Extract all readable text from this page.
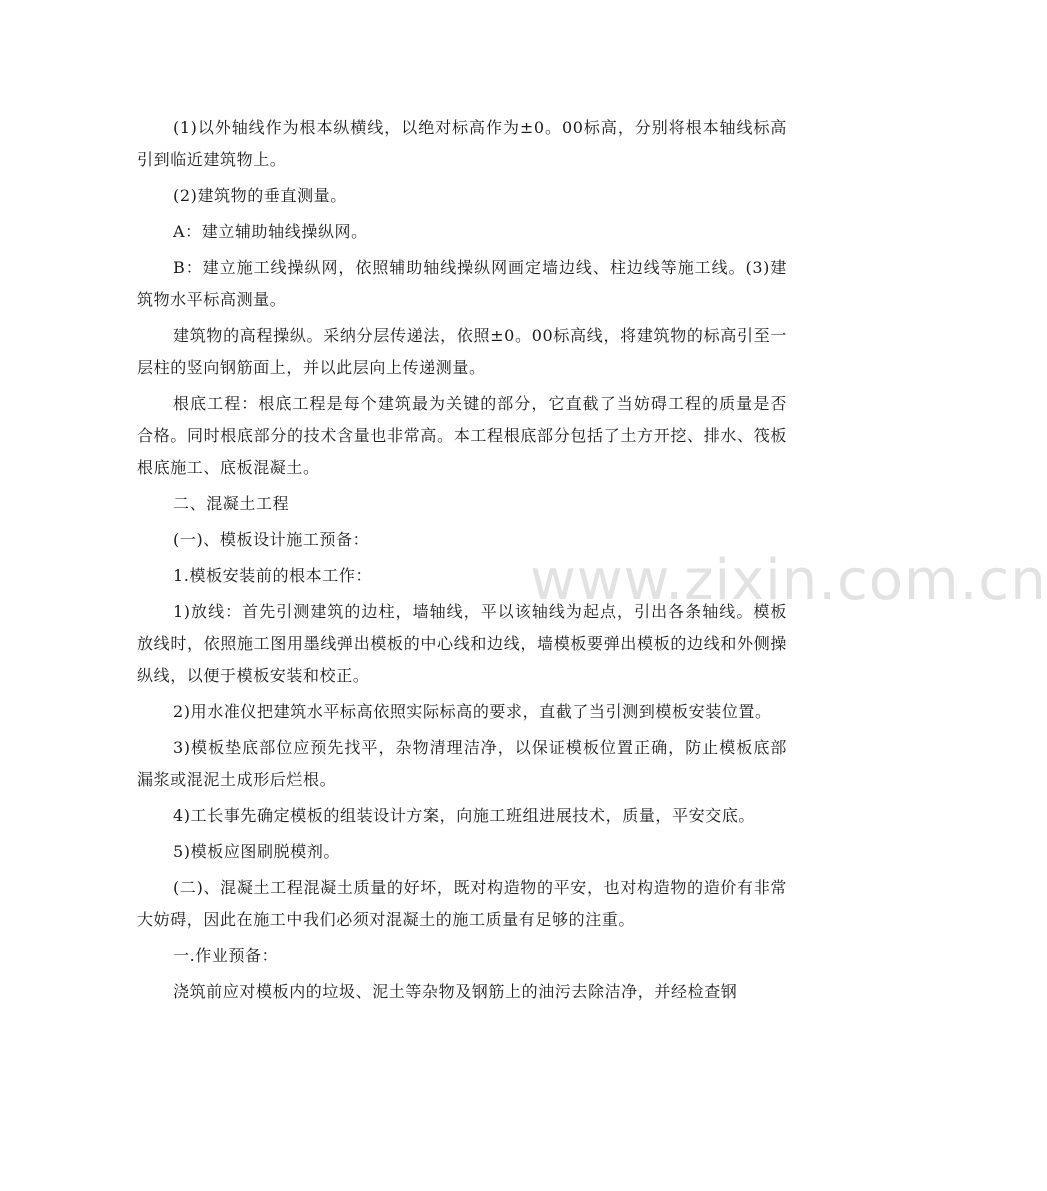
www.zixin.com.cn

(1)以外轴线作为根本纵横线，以绝对标高作为±0。00标高，分别将根本轴线标高引到临近建筑物上。

(2)建筑物的垂直测量。

A：建立辅助轴线操纵网。

B：建立施工线操纵网，依照辅助轴线操纵网画定墙边线、柱边线等施工线。(3)建筑物水平标高测量。

建筑物的高程操纵。采纳分层传递法，依照±0。00标高线，将建筑物的标高引至一层柱的竖向钢筋面上，并以此层向上传递测量。

根底工程：根底工程是每个建筑最为关键的部分，它直截了当妨碍工程的质量是否合格。同时根底部分的技术含量也非常高。本工程根底部分包括了土方开挖、排水、筏板根底施工、底板混凝土。

二、混凝土工程

(一)、模板设计施工预备：

1.模板安装前的根本工作：

1)放线：首先引测建筑的边柱，墙轴线，平以该轴线为起点，引出各条轴线。模板放线时，依照施工图用墨线弹出模板的中心线和边线，墙模板要弹出模板的边线和外侧操纵线，以便于模板安装和校正。

2)用水准仪把建筑水平标高依照实际标高的要求，直截了当引测到模板安装位置。

3)模板垫底部位应预先找平，杂物清理洁净，以保证模板位置正确，防止模板底部漏浆或混泥土成形后烂根。

4)工长事先确定模板的组装设计方案，向施工班组进展技术，质量，平安交底。

5)模板应图刷脱模剂。

(二)、混凝土工程混凝土质量的好坏，既对构造物的平安，也对构造物的造价有非常大妨碍，因此在施工中我们必须对混凝土的施工质量有足够的注重。

一.作业预备：

浇筑前应对模板内的垃圾、泥土等杂物及钢筋上的油污去除洁净，并经检查钢
